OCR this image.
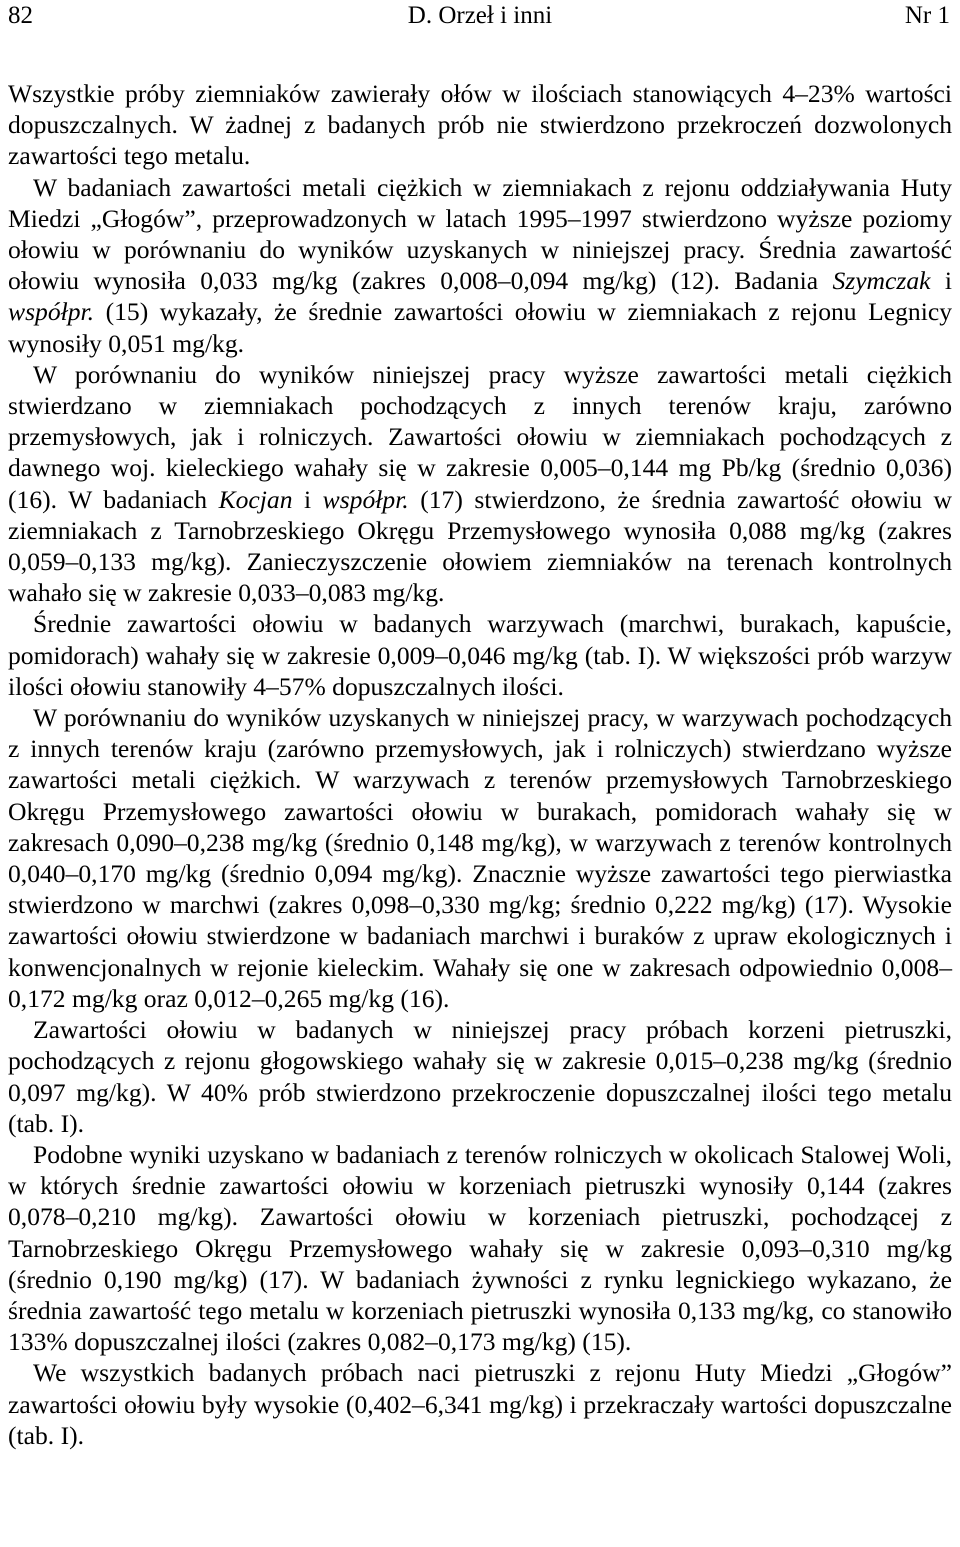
82	D. Orzeł i inni	Nr 1

Wszystkie próby ziemniaków zawierały ołów w ilościach stanowiących 4–23% wartości dopuszczalnych. W żadnej z badanych prób nie stwierdzono przekroczeń dozwolonych zawartości tego metalu.

W badaniach zawartości metali ciężkich w ziemniakach z rejonu oddziaływania Huty Miedzi „Głogów”, przeprowadzonych w latach 1995–1997 stwierdzono wyższe poziomy ołowiu w porównaniu do wyników uzyskanych w niniejszej pracy. Średnia zawartość ołowiu wynosiła 0,033 mg/kg (zakres 0,008–0,094 mg/kg) (12). Badania Szymczak i współpr. (15) wykazały, że średnie zawartości ołowiu w ziemniakach z rejonu Legnicy wynosiły 0,051 mg/kg.

W porównaniu do wyników niniejszej pracy wyższe zawartości metali ciężkich stwierdzano w ziemniakach pochodzących z innych terenów kraju, zarówno przemysłowych, jak i rolniczych. Zawartości ołowiu w ziemniakach pochodzących z dawnego woj. kieleckiego wahały się w zakresie 0,005–0,144 mg Pb/kg (średnio 0,036) (16). W badaniach Kocjan i współpr. (17) stwierdzono, że średnia zawartość ołowiu w ziemniakach z Tarnobrzeskiego Okręgu Przemysłowego wynosiła 0,088 mg/kg (zakres 0,059–0,133 mg/kg). Zanieczyszczenie ołowiem ziemniaków na terenach kontrolnych wahało się w zakresie 0,033–0,083 mg/kg.

Średnie zawartości ołowiu w badanych warzywach (marchwi, burakach, kapuście, pomidorach) wahały się w zakresie 0,009–0,046 mg/kg (tab. I). W większości prób warzyw ilości ołowiu stanowiły 4–57% dopuszczalnych ilości.

W porównaniu do wyników uzyskanych w niniejszej pracy, w warzywach pochodzących z innych terenów kraju (zarówno przemysłowych, jak i rolniczych) stwierdzano wyższe zawartości metali ciężkich. W warzywach z terenów przemysłowych Tarnobrzeskiego Okręgu Przemysłowego zawartości ołowiu w burakach, pomidorach wahały się w zakresach 0,090–0,238 mg/kg (średnio 0,148 mg/kg), w warzywach z terenów kontrolnych 0,040–0,170 mg/kg (średnio 0,094 mg/kg). Znacznie wyższe zawartości tego pierwiastka stwierdzono w marchwi (zakres 0,098–0,330 mg/kg; średnio 0,222 mg/kg) (17). Wysokie zawartości ołowiu stwierdzone w badaniach marchwi i buraków z upraw ekologicznych i konwencjonalnych w rejonie kieleckim. Wahały się one w zakresach odpowiednio 0,008–0,172 mg/kg oraz 0,012–0,265 mg/kg (16).

Zawartości ołowiu w badanych w niniejszej pracy próbach korzeni pietruszki, pochodzących z rejonu głogowskiego wahały się w zakresie 0,015–0,238 mg/kg (średnio 0,097 mg/kg). W 40% prób stwierdzono przekroczenie dopuszczalnej ilości tego metalu (tab. I).

Podobne wyniki uzyskano w badaniach z terenów rolniczych w okolicach Stalowej Woli, w których średnie zawartości ołowiu w korzeniach pietruszki wynosiły 0,144 (zakres 0,078–0,210 mg/kg). Zawartości ołowiu w korzeniach pietruszki, pochodzącej z Tarnobrzeskiego Okręgu Przemysłowego wahały się w zakresie 0,093–0,310 mg/kg (średnio 0,190 mg/kg) (17). W badaniach żywności z rynku legnickiego wykazano, że średnia zawartość tego metalu w korzeniach pietruszki wynosiła 0,133 mg/kg, co stanowiło 133% dopuszczalnej ilości (zakres 0,082–0,173 mg/kg) (15).

We wszystkich badanych próbach naci pietruszki z rejonu Huty Miedzi „Głogów” zawartości ołowiu były wysokie (0,402–6,341 mg/kg) i przekraczały wartości dopuszczalne (tab. I).
